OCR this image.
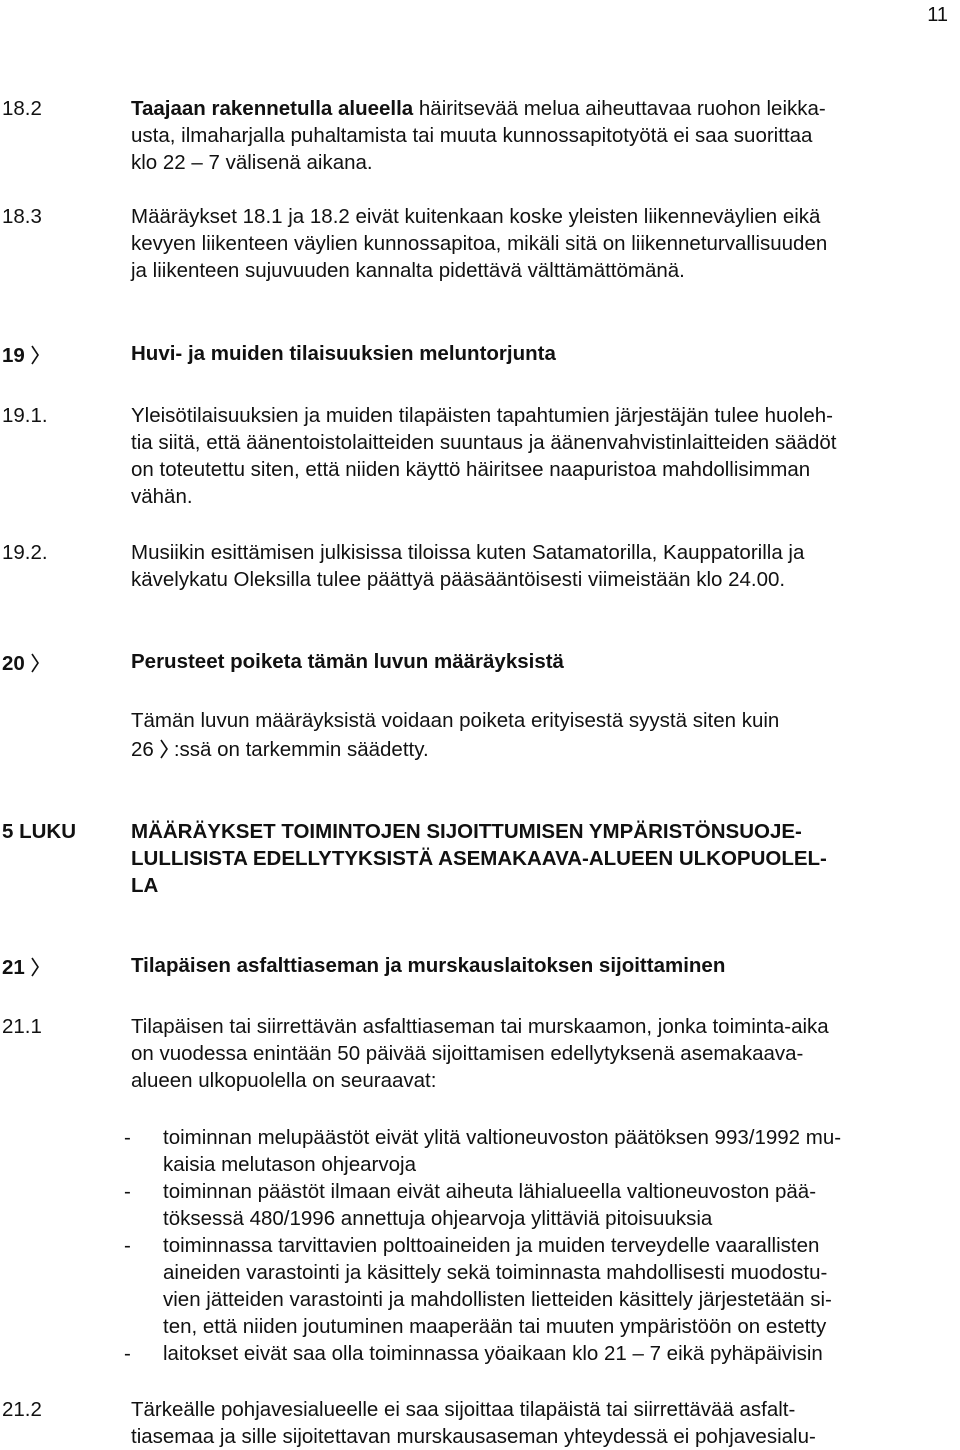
11
18.2	Taajaan rakennetulla alueella häiritsevää melua aiheuttavaa ruohon leikka-
usta, ilmaharjalla puhaltamista tai muuta kunnossapitotyötä ei saa suorittaa
klo 22 – 7 välisenä aikana.
18.3	Määräykset 18.1 ja 18.2 eivät kuitenkaan koske yleisten liikenneväylien eikä
kevyen liikenteen väylien kunnossapitoa, mikäli sitä on liikenneturvallisuuden
ja liikenteen sujuvuuden kannalta pidettävä välttämättömänä.
19	Huvi- ja muiden tilaisuuksien meluntorjunta
19.1.	Yleisötilaisuuksien ja muiden tilapäisten tapahtumien järjestäjän tulee huoleh-
tia siitä, että äänentoistolaitteiden suuntaus ja äänenvahvistinlaitteiden säädöt
on toteutettu siten, että niiden käyttö häiritsee naapuristoa mahdollisimman
vähän.
19.2.	Musiikin esittämisen julkisissa tiloissa kuten Satamatorilla, Kauppatorilla ja
kävelykatu Oleksilla tulee päättyä pääsääntöisesti viimeistään klo 24.00.
20	Perusteet poiketa tämän luvun määräyksistä
Tämän luvun määräyksistä voidaan poiketa erityisestä syystä siten kuin
26 :ssä on tarkemmin säädetty.
5 LUKU	MÄÄRÄYKSET TOIMINTOJEN SIJOITTUMISEN YMPÄRISTÖNSUOJE-
LULLISISTA EDELLYTYKSISTÄ ASEMAKAAVA-ALUEEN ULKOPUOLEL-
LA
21	Tilapäisen asfalttiaseman ja murskauslaitoksen sijoittaminen
21.1	Tilapäisen tai siirrettävän asfalttiaseman tai murskaamon, jonka toiminta-aika
on vuodessa enintään 50 päivää sijoittamisen edellytyksenä asemakaava-
alueen ulkopuolella on seuraavat:
- toiminnan melupäästöt eivät ylitä valtioneuvoston päätöksen 993/1992 mu-
kaisia melutason ohjearvoja
- toiminnan päästöt ilmaan eivät aiheuta lähialueella valtioneuvoston pää-
töksessä 480/1996 annettuja ohjearvoja ylittäviä pitoisuuksia
- toiminnassa tarvittavien polttoaineiden ja muiden terveydelle vaarallisten
aineiden varastointi ja käsittely sekä toiminnasta mahdollisesti muodostu-
vien jätteiden varastointi ja mahdollisten lietteiden käsittely järjestetään si-
ten, että niiden joutuminen maaperään tai muuten ympäristöön on estetty
- laitokset eivät saa olla toiminnassa yöaikaan klo 21 – 7 eikä pyhäpäivisin
21.2	Tärkeälle pohjavesialueelle ei saa sijoittaa tilapäistä tai siirrettävää asfalt-
tiasemaa ja sille sijoitettavan murskausaseman yhteydessä ei pohjavesialu-
